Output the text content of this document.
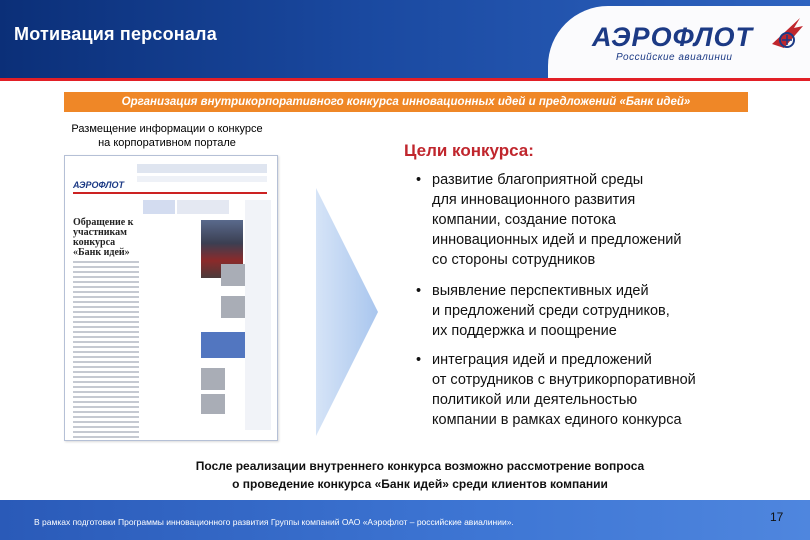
Мотивация персонала	АЭРОФЛОТ
Российские авиалинии
Организация внутрикорпоративного конкурса инновационных идей и предложений «Банк идей»
Размещение информации о конкурсе
на корпоративном портале
АЭРОФЛОТ
Обращение к
участникам конкурса
«Банк идей»
Цели конкурса:
• развитие благоприятной среды
для инновационного развития
компании, создание потока
инновационных идей и предложений
со стороны сотрудников
• выявление перспективных идей
и предложений среди сотрудников,
их поддержка и поощрение
• интеграция идей и предложений
от сотрудников с внутрикорпоративной
политикой или деятельностью
компании в рамках единого конкурса
После реализации внутреннего конкурса возможно рассмотрение вопроса
о проведение конкурса «Банк идей» среди клиентов компании
В рамках подготовки Программы инновационного развития Группы компаний ОАО «Аэрофлот – российские авиалинии».	17
